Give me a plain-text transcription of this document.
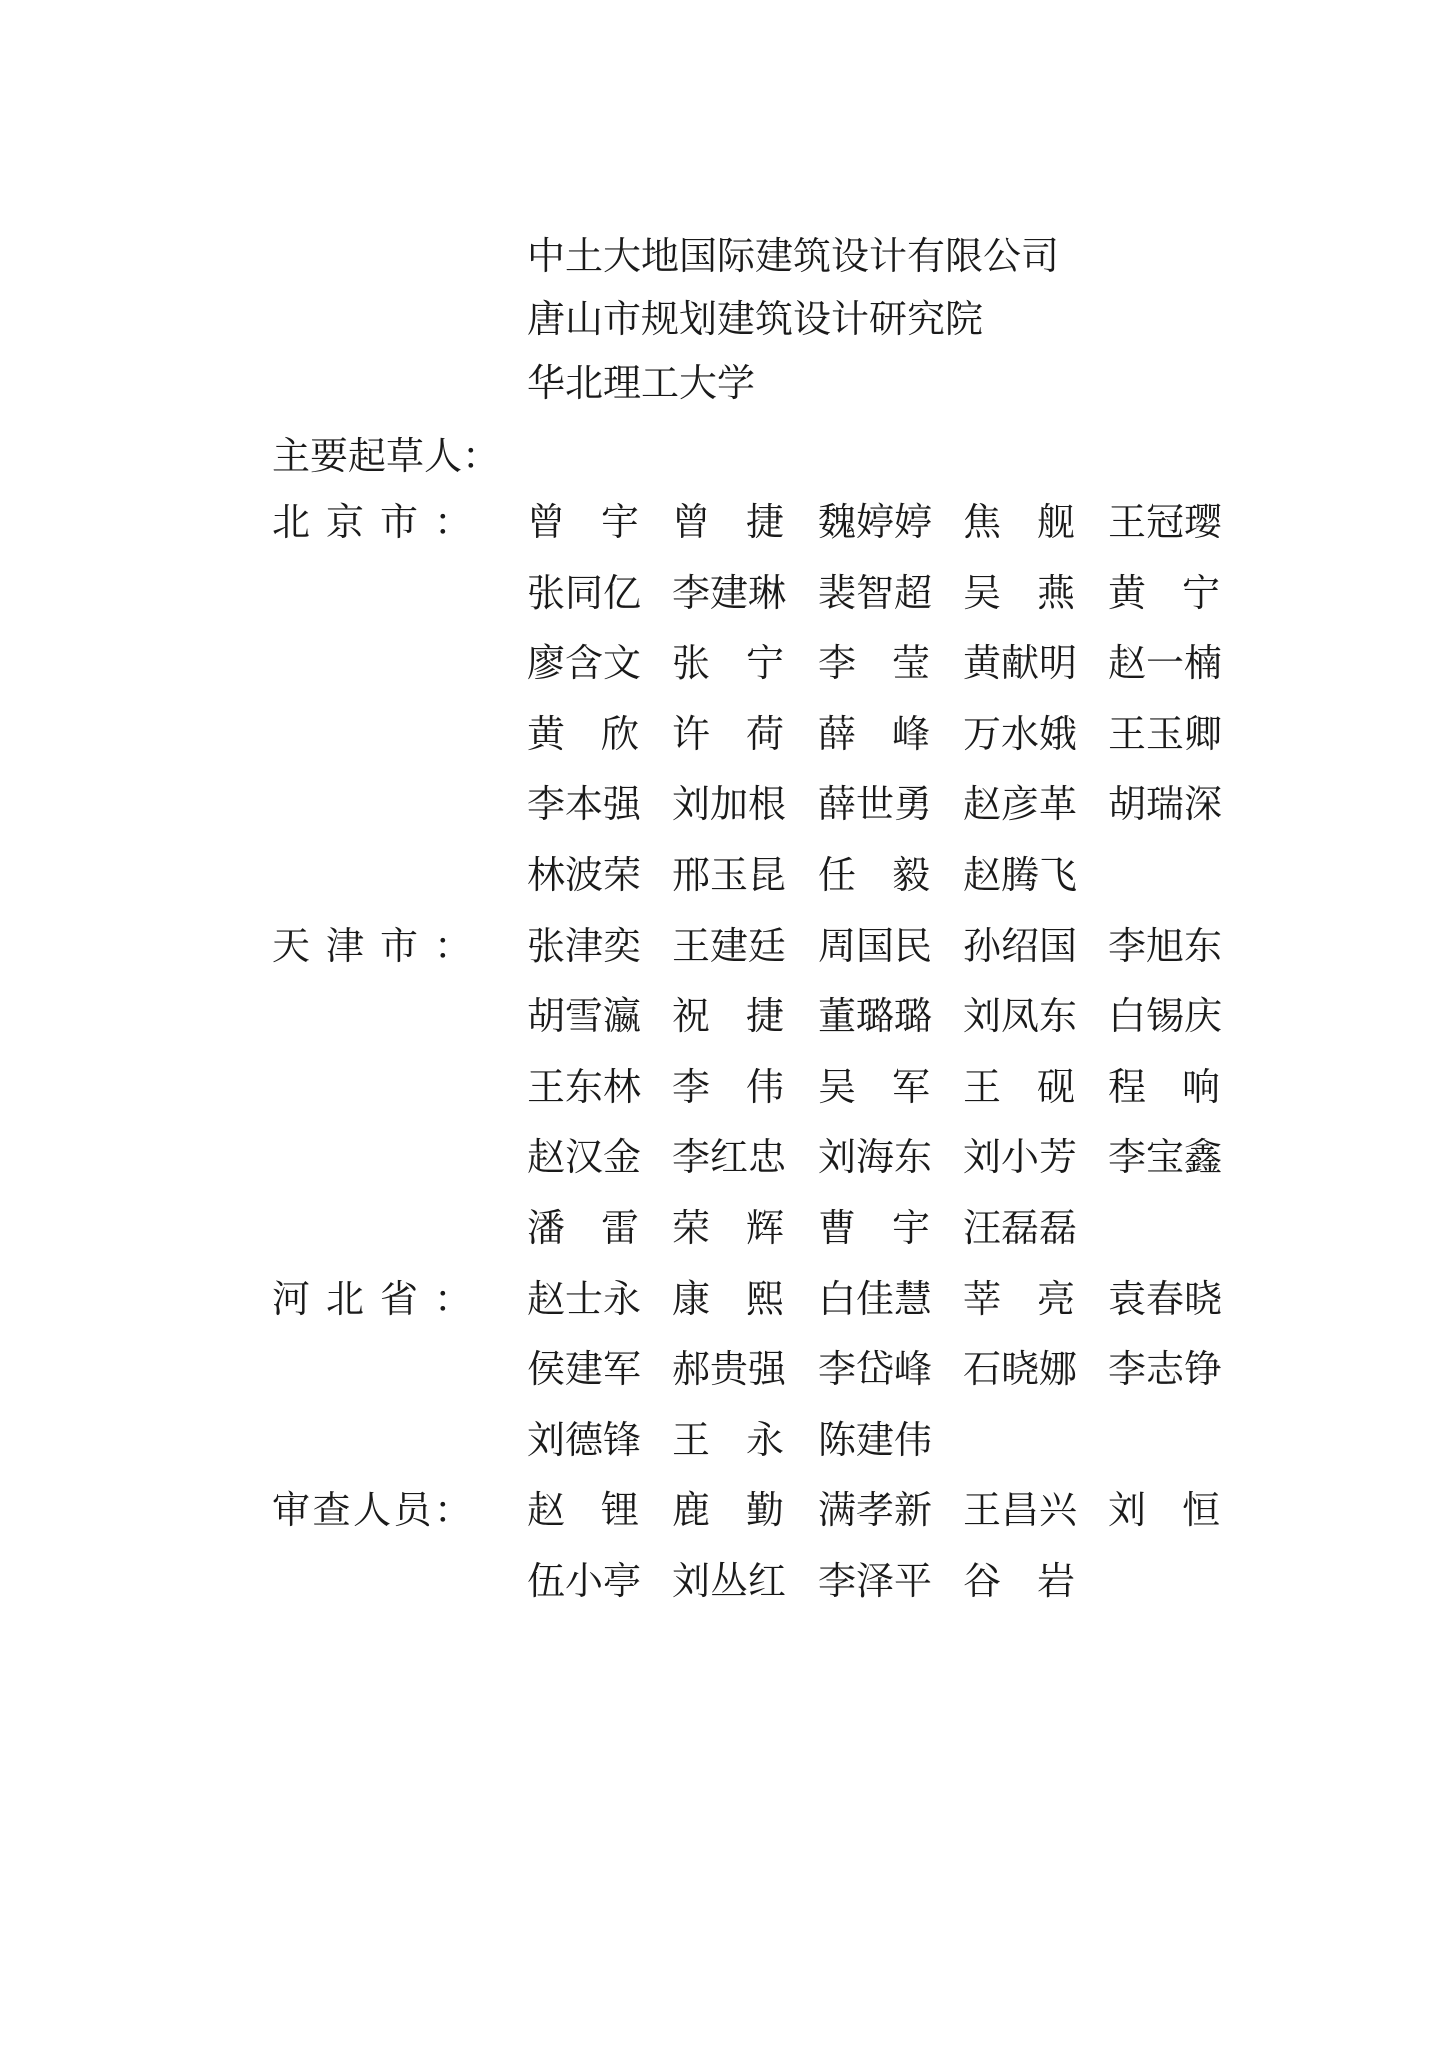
中土大地国际建筑设计有限公司
唐山市规划建筑设计研究院
华北理工大学
主要起草人：
北 京 市 ： 曾 宇 曾 捷 魏 婷 婷 焦 舰 王 冠 璎
张 同 亿 李 建 琳 裴 智 超 吴 燕 黄 宁
廖 含 文 张 宁 李 莹 黄 献 明 赵 一 楠
黄 欣 许 荷 薛 峰 万 水 娥 王 玉 卿
李 本 强 刘 加 根 薛 世 勇 赵 彦 革 胡 瑞 深
林 波 荣 邢 玉 昆 任 毅 赵 腾 飞
天 津 市 ： 张 津 奕 王 建 廷 周 国 民 孙 绍 国 李 旭 东
胡 雪 瀛 祝 捷 董 璐 璐 刘 凤 东 白 锡 庆
王 东 林 李 伟 吴 军 王 砚 程 响
赵 汉 金 李 红 忠 刘 海 东 刘 小 芳 李 宝 鑫
潘 雷 荣 辉 曹 宇 汪 磊 磊
河 北 省 ： 赵 士 永 康 熙 白 佳 慧 莘 亮 袁 春 晓
侯 建 军 郝 贵 强 李 岱 峰 石 晓 娜 李 志 铮
刘 德 锋 王 永 陈 建 伟
审 查 人 员 ： 赵 锂 鹿 勤 满 孝 新 王 昌 兴 刘 恒
伍 小 亭 刘 丛 红 李 泽 平 谷 岩
